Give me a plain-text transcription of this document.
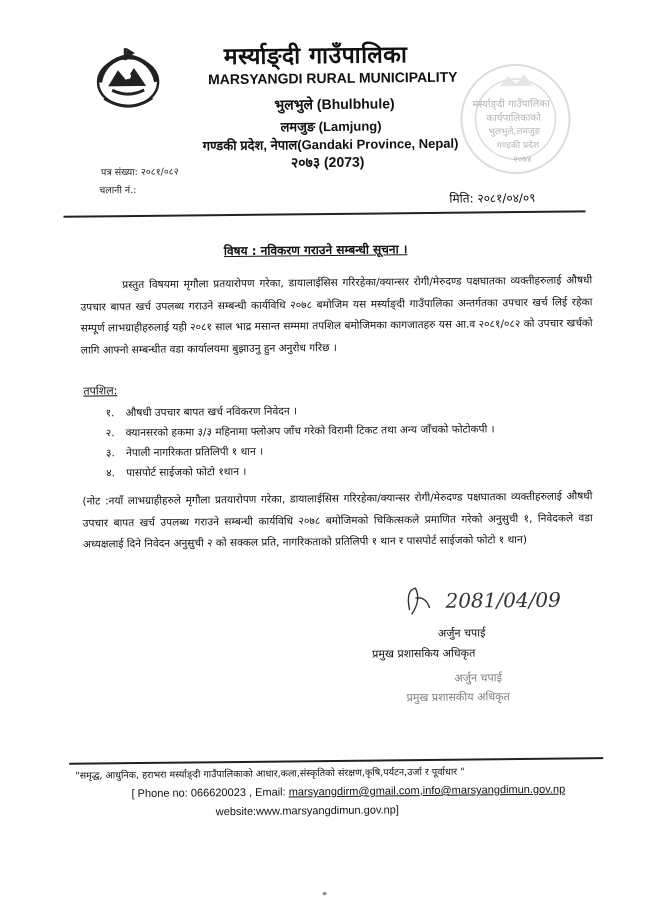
मर्स्याङ्दी गाउँपालिका
MARSYANGDI RURAL MUNICIPALITY
भुलभुले (Bhulbhule)
लमजुङ (Lamjung)
गण्डकी प्रदेश, नेपाल(Gandaki Province, Nepal)
२०७३ (2073)
मर्स्याङ्दी गाउँपालिका
कार्यपालिकाको
भुलभुले,लमजुङ
गण्डकी प्रदेश
२०७४
पत्र संख्या: २०८१/०८२
चलानी नं.:
मिति: २०८१/०४/०९
विषय : नविकरण गराउने सम्बन्धी सूचना ।
प्रस्तुत विषयमा मृगौला प्रतयारोपण गरेका, डायालाईसिस गरिरहेका/क्यान्सर रोगी/मेरुदण्ड पक्षघातका व्यक्तीहरुलाई औषधी उपचार बापत खर्च उपलब्ध गराउने सम्बन्धी कार्यविधि २०७८ बमोजिम यस मर्स्याङ्दी गाउँपालिका अन्तर्गतका उपचार खर्च लिई रहेका सम्पूर्ण लाभग्राहीहरुलाई यही २०८१ साल भाद्र मसान्त सम्ममा तपशिल बमोजिमका कागजातहरु यस आ.व २०८१/०८२ को उपचार खर्चको लागि आफ्नो सम्बन्धीत वडा कार्यालयमा बुझाउनु हुन अनुरोध गरिछ ।
तपशिल:
१. औषधी उपचार बापत खर्च नविकरण निवेदन ।
२. क्यानसरको हकमा ३/३ महिनामा फ्लोअप जाँच गरेको विरामी टिकट तथा अन्य जाँचको फोटोकपी ।
३. नेपाली नागरिकता प्रतिलिपी १ थान ।
४. पासपोर्ट साईजको फोटो १थान ।
(नोट :नयाँ लाभग्राहीहरुले मृगौला प्रतयारोपण गरेका, डायालाईसिस गरिरहेका/क्यान्सर रोगी/मेरुदण्ड पक्षघातका व्यक्तीहरुलाई औषधी उपचार बापत खर्च उपलब्ध गराउने सम्बन्धी कार्यविधि २०७८ बमोजिमको चिकित्सकले प्रमाणित गरेको अनुसुची १, निवेदकले वडा अध्यक्षलाई दिने निवेदन अनुसुची २ को सक्कल प्रति, नागरिकताको प्रतिलिपी १ थान र पासपोर्ट साईजको फोटो १ थान)
2081/04/09
अर्जुन चपाई
प्रमुख प्रशासकिय अधिकृत
अर्जुन चपाई
प्रमुख प्रशासकीय अधिकृत
"समृद्ध, आधुनिक, हराभरा मर्स्याङ्दी गाउँपालिकाको आधार,कला,संस्कृतिको संरक्षण,कृषि,पर्यटन,उर्जा र पूर्वाधार "
[ Phone no: 066620023 , Email: marsyangdirm@gmail.com,info@marsyangdimun.gov.np
website:www.marsyangdimun.gov.np]
